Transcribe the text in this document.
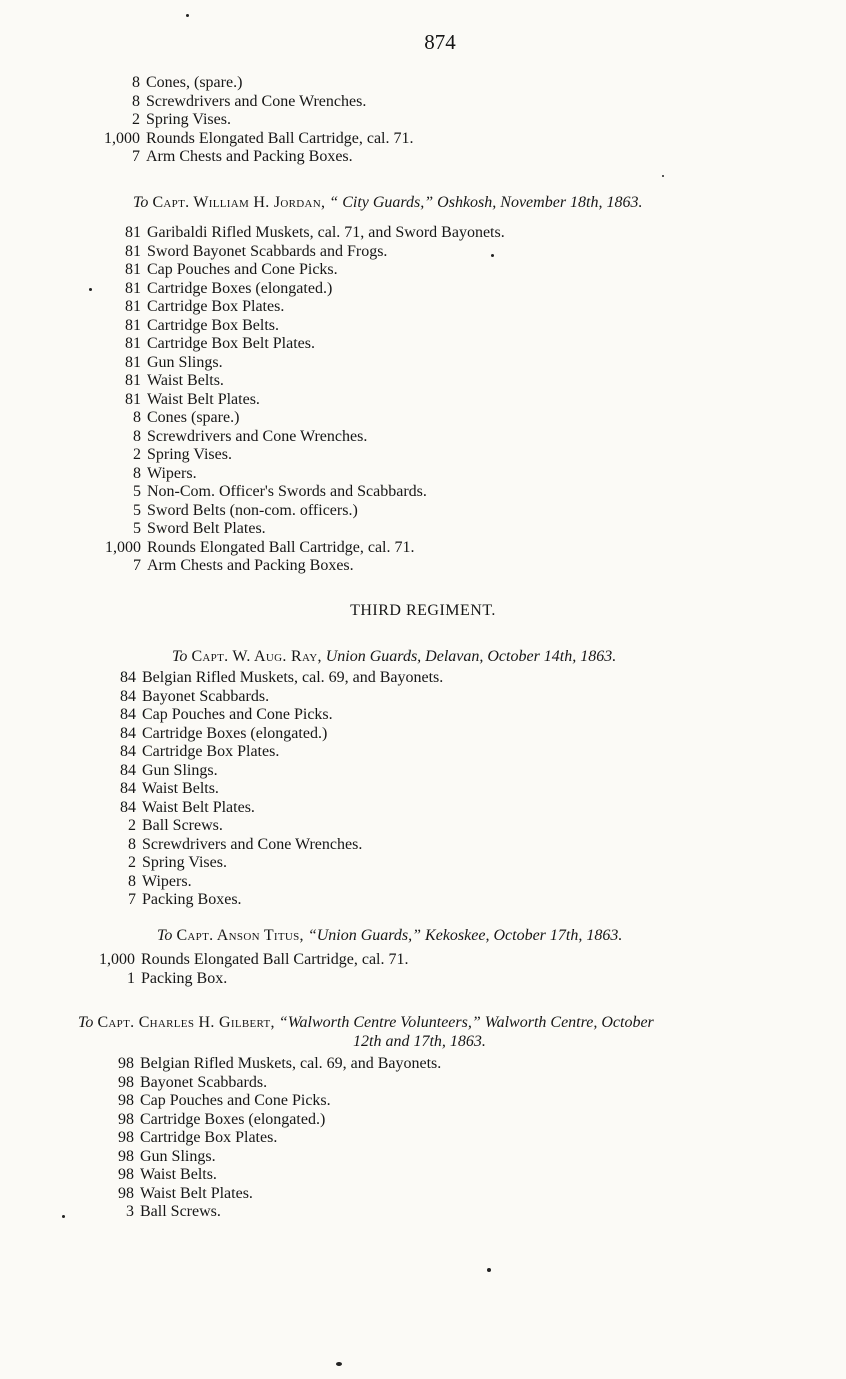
874
8 Cones, (spare.)
8 Screwdrivers and Cone Wrenches.
2 Spring Vises.
1,000 Rounds Elongated Ball Cartridge, cal. 71.
7 Arm Chests and Packing Boxes.
To Capt. William H. Jordan, “ City Guards,” Oshkosh, November 18th, 1863.
81 Garibaldi Rifled Muskets, cal. 71, and Sword Bayonets.
81 Sword Bayonet Scabbards and Frogs.
81 Cap Pouches and Cone Picks.
81 Cartridge Boxes (elongated.)
81 Cartridge Box Plates.
81 Cartridge Box Belts.
81 Cartridge Box Belt Plates.
81 Gun Slings.
81 Waist Belts.
81 Waist Belt Plates.
8 Cones (spare.)
8 Screwdrivers and Cone Wrenches.
2 Spring Vises.
8 Wipers.
5 Non-Com. Officer's Swords and Scabbards.
5 Sword Belts (non-com. officers.)
5 Sword Belt Plates.
1,000 Rounds Elongated Ball Cartridge, cal. 71.
7 Arm Chests and Packing Boxes.
THIRD REGIMENT.
To Capt. W. Aug. Ray, Union Guards, Delavan, October 14th, 1863.
84 Belgian Rifled Muskets, cal. 69, and Bayonets.
84 Bayonet Scabbards.
84 Cap Pouches and Cone Picks.
84 Cartridge Boxes (elongated.)
84 Cartridge Box Plates.
84 Gun Slings.
84 Waist Belts.
84 Waist Belt Plates.
2 Ball Screws.
8 Screwdrivers and Cone Wrenches.
2 Spring Vises.
8 Wipers.
7 Packing Boxes.
To Capt. Anson Titus, “Union Guards,” Kekoskee, October 17th, 1863.
1,000 Rounds Elongated Ball Cartridge, cal. 71.
1 Packing Box.
To Capt. Charles H. Gilbert, “Walworth Centre Volunteers,” Walworth Centre, October
12th and 17th, 1863.
98 Belgian Rifled Muskets, cal. 69, and Bayonets.
98 Bayonet Scabbards.
98 Cap Pouches and Cone Picks.
98 Cartridge Boxes (elongated.)
98 Cartridge Box Plates.
98 Gun Slings.
98 Waist Belts.
98 Waist Belt Plates.
3 Ball Screws.
